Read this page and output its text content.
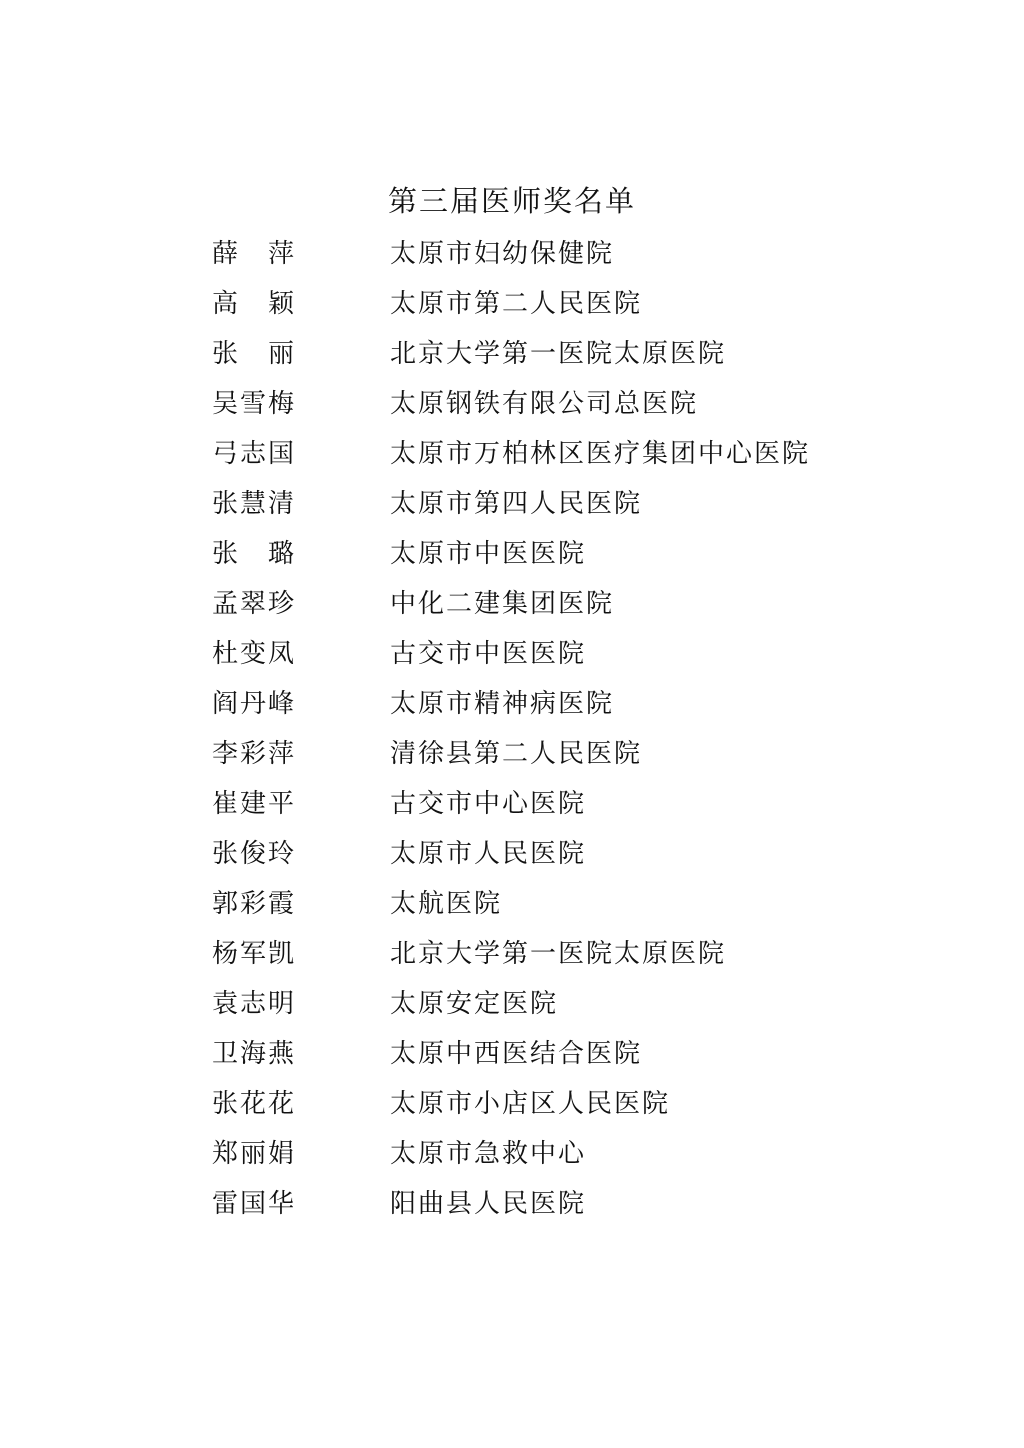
第三届医师奖名单
薛　萍	太原市妇幼保健院
高　颖	太原市第二人民医院
张　丽	北京大学第一医院太原医院
吴雪梅	太原钢铁有限公司总医院
弓志国	太原市万柏林区医疗集团中心医院
张慧清	太原市第四人民医院
张　璐	太原市中医医院
孟翠珍	中化二建集团医院
杜变凤	古交市中医医院
阎丹峰	太原市精神病医院
李彩萍	清徐县第二人民医院
崔建平	古交市中心医院
张俊玲	太原市人民医院
郭彩霞	太航医院
杨军凯	北京大学第一医院太原医院
袁志明	太原安定医院
卫海燕	太原中西医结合医院
张花花	太原市小店区人民医院
郑丽娟	太原市急救中心
雷国华	阳曲县人民医院
